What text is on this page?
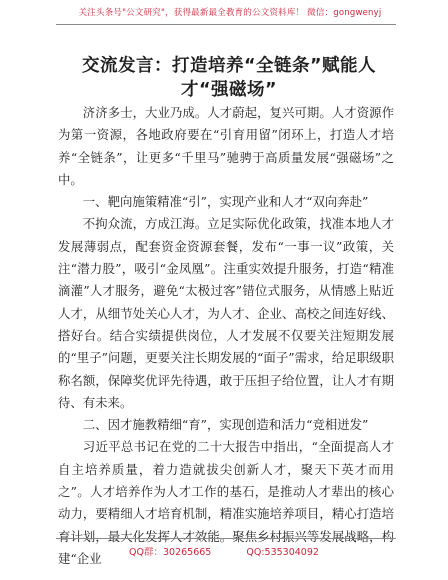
关注头条号"公文研究"，获得最新最全教育的公文资料库！ 微信：gongwenyj
交流发言：打造培养“全链条”赋能人才“强磁场”

济济多士，大业乃成。人才蔚起，复兴可期。人才资源作为第一资源，各地政府要在“引育用留”闭环上，打造人才培养“全链条”，让更多“千里马”驰骋于高质量发展“强磁场”之中。

一、靶向施策精准“引”，实现产业和人才“双向奔赴”

不拘众流，方成江海。立足实际优化政策，找准本地人才发展薄弱点，配套资金资源套餐，发布“一事一议”政策，关注“潜力股”，吸引“金凤凰”。注重实效提升服务，打造“精准滴灌”人才服务，避免“太极过客”错位式服务，从情感上贴近人才，从细节处关心人才，为人才、企业、高校之间连好线、搭好台。结合实绩提供岗位，人才发展不仅要关注短期发展的“里子”问题，更要关注长期发展的“面子”需求，给足职级职称名额，保障奖优评先待遇，敢于压担子给位置，让人才有期待、有未来。

二、因才施教精细“育”，实现创造和活力“竞相迸发”

习近平总书记在党的二十大报告中指出，“全面提高人才自主培养质量，着力造就拔尖创新人才，聚天下英才而用之”。人才培养作为人才工作的基石，是推动人才辈出的核心动力，要精细人才培育机制，精准实施培养项目，精心打造培育计划，最大化发挥人才效能。聚焦乡村振兴等发展战略，构建“企业	QQ群：30265665	QQ:535304092
